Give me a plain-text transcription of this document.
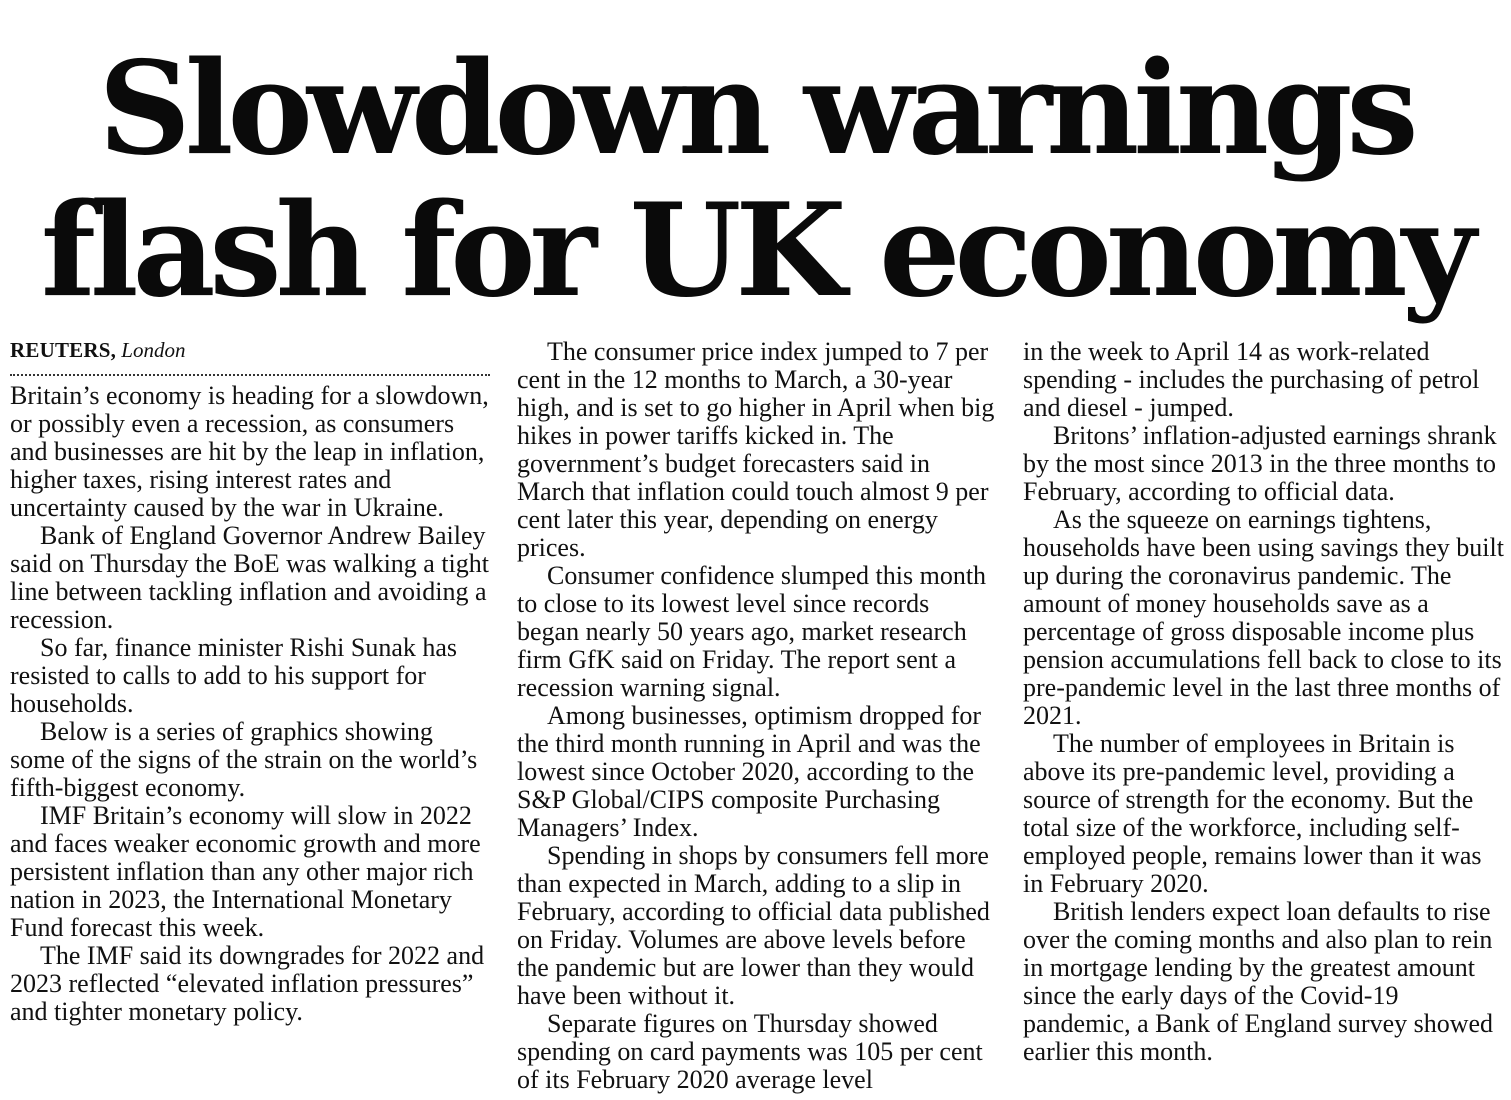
Slowdown warnings
flash for UK economy
REUTERS, London

Britain’s economy is heading for a slowdown, or possibly even a recession, as consumers and businesses are hit by the leap in inflation, higher taxes, rising interest rates and uncertainty caused by the war in Ukraine.

Bank of England Governor Andrew Bailey said on Thursday the BoE was walking a tight line between tackling inflation and avoiding a recession.

So far, finance minister Rishi Sunak has resisted to calls to add to his support for households.

Below is a series of graphics showing some of the signs of the strain on the world’s fifth-biggest economy.

IMF Britain’s economy will slow in 2022 and faces weaker economic growth and more persistent inflation than any other major rich nation in 2023, the International Monetary Fund forecast this week.

The IMF said its downgrades for 2022 and 2023 reflected “elevated inflation pressures” and tighter monetary policy.

The consumer price index jumped to 7 per cent in the 12 months to March, a 30-year high, and is set to go higher in April when big hikes in power tariffs kicked in. The government’s budget forecasters said in March that inflation could touch almost 9 per cent later this year, depending on energy prices.

Consumer confidence slumped this month to close to its lowest level since records began nearly 50 years ago, market research firm GfK said on Friday. The report sent a recession warning signal.

Among businesses, optimism dropped for the third month running in April and was the lowest since October 2020, according to the S&P Global/CIPS composite Purchasing Managers’ Index.

Spending in shops by consumers fell more than expected in March, adding to a slip in February, according to official data published on Friday. Volumes are above levels before the pandemic but are lower than they would have been without it.

Separate figures on Thursday showed spending on card payments was 105 per cent of its February 2020 average level

in the week to April 14 as work-related spending - includes the purchasing of petrol and diesel - jumped.

Britons’ inflation-adjusted earnings shrank by the most since 2013 in the three months to February, according to official data.

As the squeeze on earnings tightens, households have been using savings they built up during the coronavirus pandemic. The amount of money households save as a percentage of gross disposable income plus pension accumulations fell back to close to its pre-pandemic level in the last three months of 2021.

The number of employees in Britain is above its pre-pandemic level, providing a source of strength for the economy. But the total size of the workforce, including self-employed people, remains lower than it was in February 2020.

British lenders expect loan defaults to rise over the coming months and also plan to rein in mortgage lending by the greatest amount since the early days of the Covid-19 pandemic, a Bank of England survey showed earlier this month.
